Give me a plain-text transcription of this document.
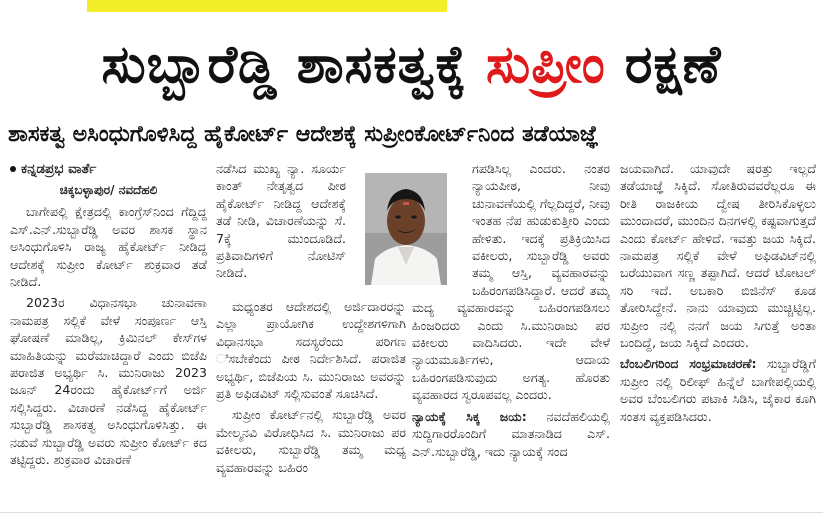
ಸುಬ್ಬಾರೆಡ್ಡಿ ಶಾಸಕತ್ವಕ್ಕೆ ಸುಪ್ರೀಂ ರಕ್ಷಣೆ
ಶಾಸಕತ್ವ ಅಸಿಂಧುಗೊಳಿಸಿದ್ದ ಹೈಕೋರ್ಟ್ ಆದೇಶಕ್ಕೆ ಸುಪ್ರೀಂಕೋರ್ಟ್‌ನಿಂದ ತಡೆಯಾಜ್ಞೆ

ಕನ್ನಡಪ್ರಭ ವಾರ್ತೆ

ಚಿಕ್ಕಬಳ್ಳಾಪುರ/ ನವದೆಹಲಿ

ಬಾಗೇಪಲ್ಲಿ ಕ್ಷೇತ್ರದಲ್ಲಿ ಕಾಂಗ್ರೆಸ್‌ನಿಂದ ಗೆದ್ದಿದ್ದ ಎಸ್.ಎನ್.ಸುಬ್ಬಾರೆಡ್ಡಿ ಅವರ ಶಾಸಕ ಸ್ಥಾನ ಅಸಿಂಧುಗೊಳಿಸಿ ರಾಜ್ಯ ಹೈಕೋರ್ಟ್ ನೀಡಿದ್ದ ಆದೇಶಕ್ಕೆ ಸುಪ್ರೀಂ ಕೋರ್ಟ್ ಶುಕ್ರವಾರ ತಡೆ ನೀಡಿದೆ.

2023ರ ವಿಧಾನಸಭಾ ಚುನಾವಣಾ ನಾಮಪತ್ರ ಸಲ್ಲಿಕೆ ವೇಳೆ ಸಂಪೂರ್ಣ ಆಸ್ತಿ ಘೋಷಣೆ ಮಾಡಿಲ್ಲ, ಕ್ರಿಮಿನಲ್ ಕೇಸ್‌ಗಳ ಮಾಹಿತಿಯನ್ನು ಮರೆಮಾಚಿದ್ದಾರೆ ಎಂದು ಬಿಜೆಪಿ ಪರಾಜಿತ ಅಭ್ಯರ್ಥಿ ಸಿ. ಮುನಿರಾಜು 2023 ಜೂನ್ 24ರಂದು ಹೈಕೋರ್ಟ್‌ಗೆ ಅರ್ಜಿ ಸಲ್ಲಿಸಿದ್ದರು. ವಿಚಾರಣೆ ನಡೆಸಿದ್ದ ಹೈಕೋರ್ಟ್ ಸುಬ್ಬಾರೆಡ್ಡಿ ಶಾಸಕತ್ವ ಅಸಿಂಧುಗೊಳಿಸಿತ್ತು. ಈ ನಡುವೆ ಸುಬ್ಬಾರೆಡ್ಡಿ ಅವರು ಸುಪ್ರೀಂ ಕೋರ್ಟ್ ಕದ ತಟ್ಟಿದ್ದರು. ಶುಕ್ರವಾರ ವಿಚಾರಣೆ

ನಡೆಸಿದ ಮುಖ್ಯ ನ್ಯಾ. ಸೂರ್ಯ ಕಾಂತ್ ನೇತೃತ್ವದ ಪೀಠ ಹೈಕೋರ್ಟ್ ನೀಡಿದ್ದ ಆದೇಶಕ್ಕೆ ತಡೆ ನೀಡಿ, ವಿಚಾರಣೆಯನ್ನು ಸೆ. 7ಕ್ಕೆ ಮುಂದೂಡಿದೆ. ಪ್ರತಿವಾದಿಗಳಿಗೆ ನೋಟಿಸ್ ನೀಡಿದೆ.

ಮಧ್ಯಂತರ ಆದೇಶದಲ್ಲಿ ಅರ್ಜಿದಾರರನ್ನು ಎಲ್ಲಾ ಪ್ರಾಯೋಗಿಕ ಉದ್ದೇಶಗಳಿಗಾಗಿ ವಿಧಾನಸಭಾ ಸದಸ್ಯರೆಂದು ಪರಿಗಣ ಿಸಬೇಕೆಂದು ಪೀಠ ನಿರ್ದೇಶಿಸಿದೆ. ಪರಾಜಿತ ಅಭ್ಯರ್ಥಿ, ಬಿಜೆಪಿಯ ಸಿ. ಮುನಿರಾಜು ಅವರನ್ನು ಪ್ರತಿ ಅಫಿಡವಿಟ್ ಸಲ್ಲಿಸುವಂತೆ ಸೂಚಿಸಿದೆ.

ಸುಪ್ರೀಂ ಕೋರ್ಟ್‌ನಲ್ಲಿ ಸುಬ್ಬಾರೆಡ್ಡಿ ಅವರ ಮೇಲ್ಮನವಿ ವಿರೋಧಿಸಿದ ಸಿ. ಮುನಿರಾಜು ಪರ ವಕೀಲರು, ಸುಬ್ಬಾರೆಡ್ಡಿ ತಮ್ಮ ಮಧ್ಯ ವ್ಯವಹಾರವನ್ನು ಬಹಿರಂ

ಗಪಡಿಸಿಲ್ಲ ಎಂದರು. ನಂತರ ನ್ಯಾಯಪೀಠ, ನೀವು ಚುನಾವಣೆಯಲ್ಲಿ ಗೆಲ್ಲದಿದ್ದರೆ, ನೀವು ಇಂತಹ ನೆಪ ಹುಡುಕುತ್ತೀರಿ ಎಂದು ಹೇಳಿತು. ಇದಕ್ಕೆ ಪ್ರತಿಕ್ರಿಯಿಸಿದ ವಕೀಲರು, ಸುಬ್ಬಾರೆಡ್ಡಿ ಅವರು ತಮ್ಮ ಆಸ್ತಿ, ವ್ಯವಹಾರವನ್ನು ಬಹಿರಂಗಪಡಿಸಿದ್ದಾರೆ. ಆದರೆ ತಮ್ಮ ಮದ್ಯ ವ್ಯವಹಾರವನ್ನು ಬಹಿರಂಗಪಡಿಸಲು ಹಿಂಜರಿದರು ಎಂದು ಸಿ.ಮುನಿರಾಜು ಪರ ವಕೀಲರು ವಾದಿಸಿದರು. ಇದೇ ವೇಳೆ ನ್ಯಾಯಮೂರ್ತಿಗಳು, ಆದಾಯ ಬಹಿರಂಗಪಡಿಸುವುದು ಅಗತ್ಯ. ಹೊರತು ವ್ಯವಹಾರದ ಸ್ವರೂಪವಲ್ಲ ಎಂದರು.

ನ್ಯಾಯಕ್ಕೆ ಸಿಕ್ಕ ಜಯ: ನವದೆಹಲಿಯಲ್ಲಿ ಸುದ್ದಿಗಾರರೊಂದಿಗೆ ಮಾತನಾಡಿದ ಎಸ್. ಎನ್.ಸುಬ್ಬಾರೆಡ್ಡಿ, ಇದು ನ್ಯಾಯಕ್ಕೆ ಸಂದ

ಜಯವಾಗಿದೆ. ಯಾವುದೇ ಷರತ್ತು ಇಲ್ಲದೆ ತಡೆಯಾಜ್ಞೆ ಸಿಕ್ಕಿದೆ. ಸೋತಿರುವವರೆಲ್ಲರೂ ಈ ರೀತಿ ರಾಜಕೀಯ ದ್ವೇಷ ತೀರಿಸಿಕೊಳ್ಳಲು ಮುಂದಾದರೆ, ಮುಂದಿನ ದಿನಗಳಲ್ಲಿ ಕಷ್ಟವಾಗುತ್ತದೆ ಎಂದು ಕೋರ್ಟ್ ಹೇಳಿದೆ. ಇವತ್ತು ಜಯ ಸಿಕ್ಕಿದೆ. ನಾಮಪತ್ರ ಸಲ್ಲಿಕೆ ವೇಳೆ ಅಫಿಡವಿಟ್‌ನಲ್ಲಿ ಬರೆಯುವಾಗ ಸಣ್ಣ ತಪ್ಪಾಗಿದೆ. ಆದರೆ ಟೋಟಲ್ ಸರಿ ಇದೆ. ಅಬಕಾರಿ ಬಿಜಿನೆಸ್ ಕೂಡ ತೋರಿಸಿದ್ದೇನೆ. ನಾನು ಯಾವುದು ಮುಚ್ಚಿಟ್ಟಿಲ್ಲ. ಸುಪ್ರೀಂ ನಲ್ಲಿ ನನಗೆ ಜಯ ಸಿಗುತ್ತೆ ಅಂತಾ ಬಂದಿದ್ದೆ, ಜಯ ಸಿಕ್ಕಿದೆ ಎಂದರು.

ಬೆಂಬಲಿಗರಿಂದ ಸಂಭ್ರಮಾಚರಣೆ: ಸುಬ್ಬಾರೆಡ್ಡಿಗೆ ಸುಪ್ರೀಂ ನಲ್ಲಿ ರಿಲೀಫ್ ಹಿನ್ನೆಲೆ ಬಾಗೇಪಲ್ಲಿಯಲ್ಲಿ ಅವರ ಬೆಂಬಲಿಗರು ಪಟಾಕಿ ಸಿಡಿಸಿ, ಜೈಕಾರ ಕೂಗಿ ಸಂತಸ ವ್ಯಕ್ತಪಡಿಸಿದರು.
